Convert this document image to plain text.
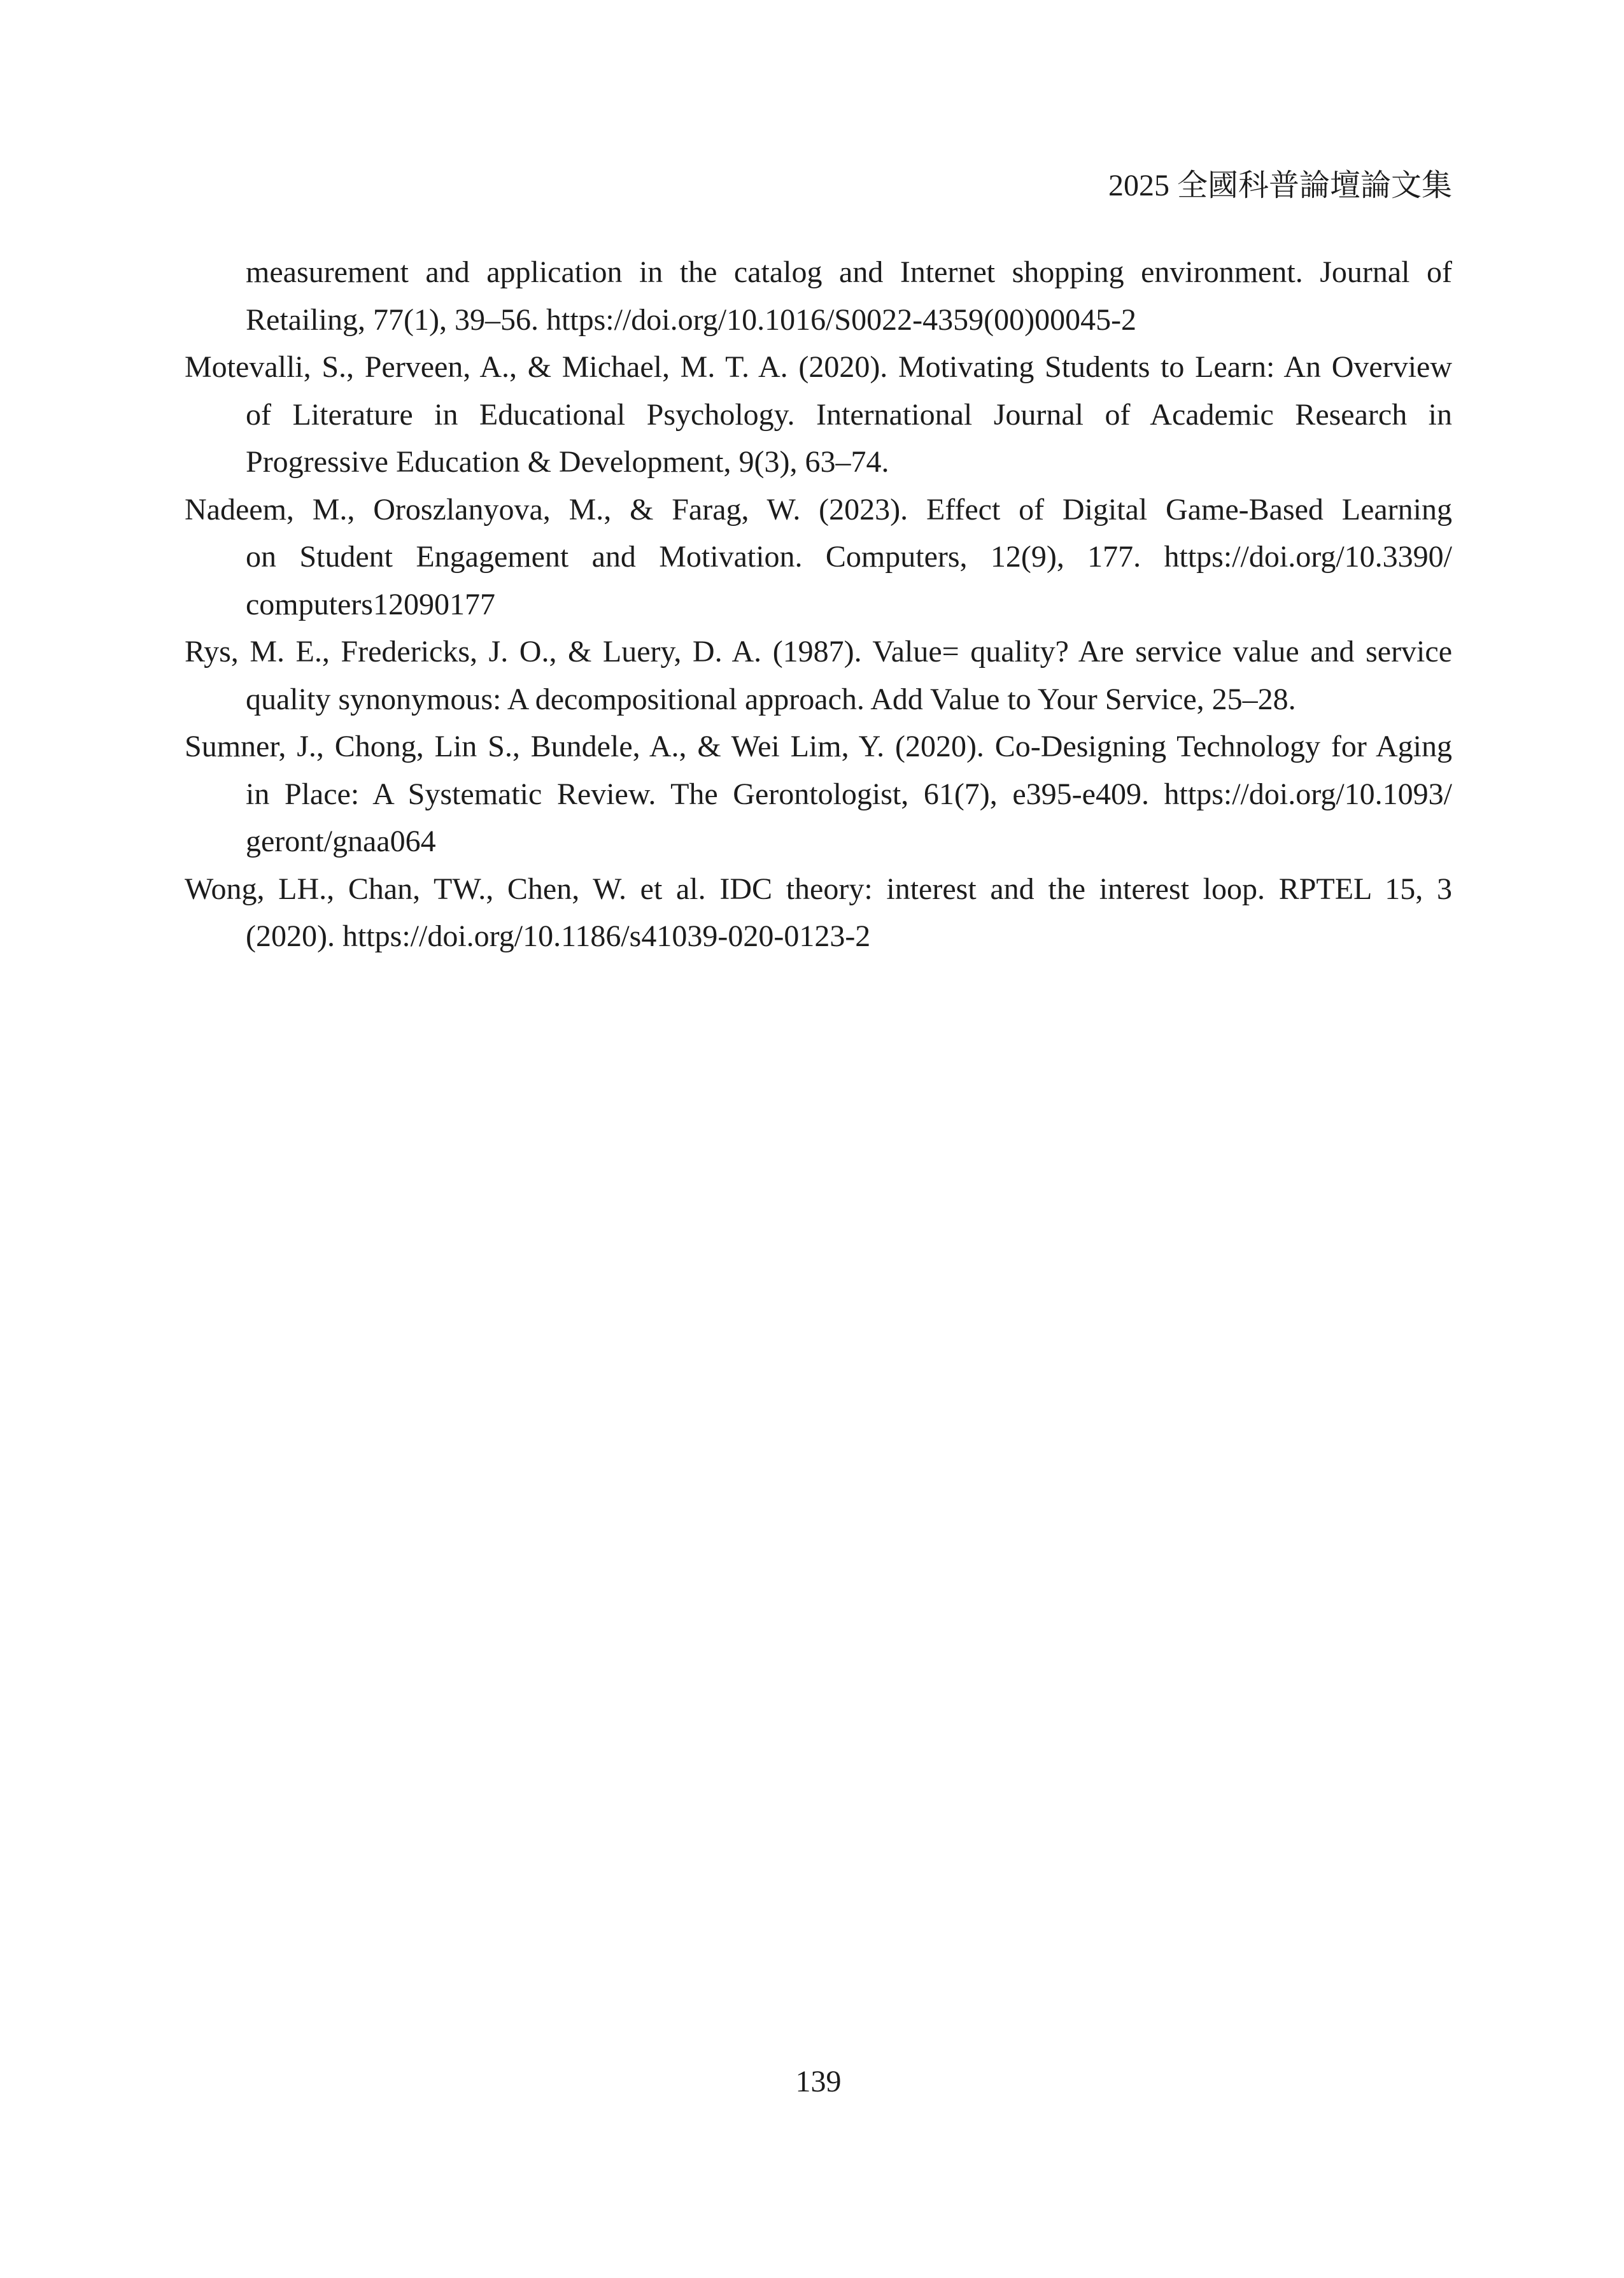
2025 全國科普論壇論文集
measurement and application in the catalog and Internet shopping environment. Journal of
Retailing, 77(1), 39–56. https://doi.org/10.1016/S0022-4359(00)00045-2
Motevalli, S., Perveen, A., & Michael, M. T. A. (2020). Motivating Students to Learn: An Overview
of Literature in Educational Psychology. International Journal of Academic Research in
Progressive Education & Development, 9(3), 63–74.
Nadeem, M., Oroszlanyova, M., & Farag, W. (2023). Effect of Digital Game-Based Learning
on Student Engagement and Motivation. Computers, 12(9), 177. https://doi.org/10.3390/
computers12090177
Rys, M. E., Fredericks, J. O., & Luery, D. A. (1987). Value= quality? Are service value and service
quality synonymous: A decompositional approach. Add Value to Your Service, 25–28.
Sumner, J., Chong, Lin S., Bundele, A., & Wei Lim, Y. (2020). Co-Designing Technology for Aging
in Place: A Systematic Review. The Gerontologist, 61(7), e395-e409. https://doi.org/10.1093/
geront/gnaa064
Wong, LH., Chan, TW., Chen, W. et al. IDC theory: interest and the interest loop. RPTEL 15, 3
(2020). https://doi.org/10.1186/s41039-020-0123-2
139
